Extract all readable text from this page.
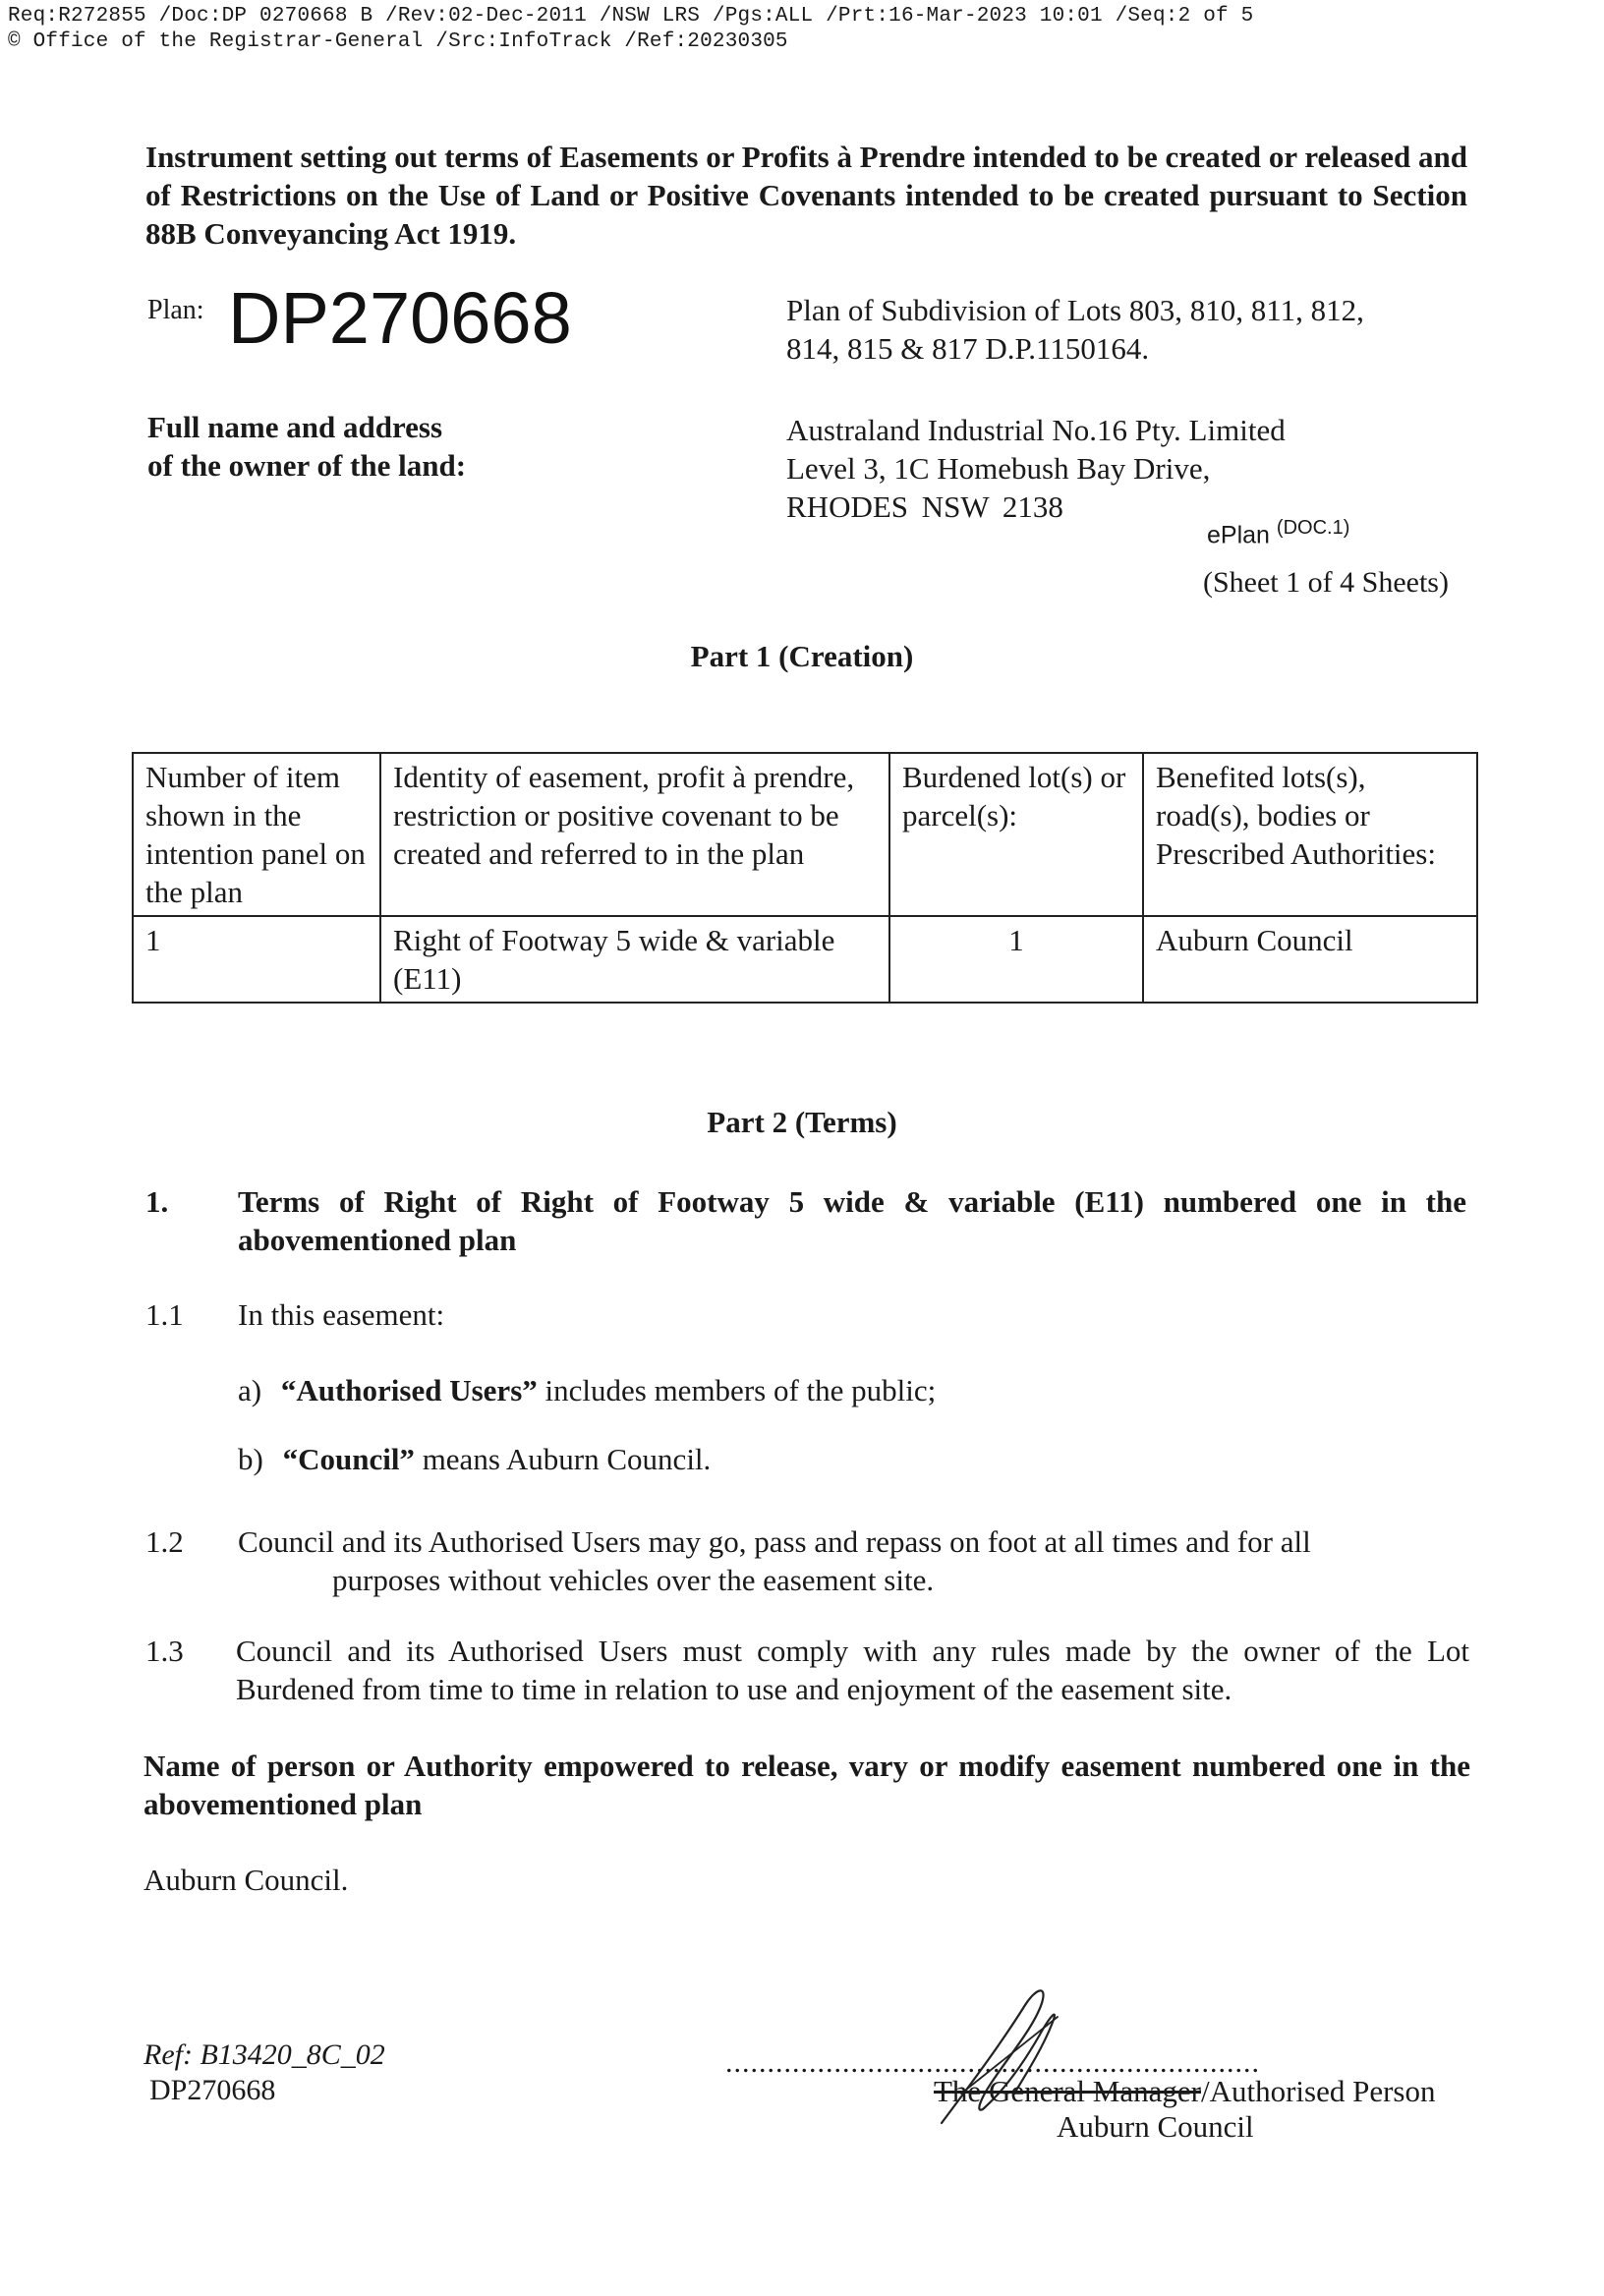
Req:R272855 /Doc:DP 0270668 B /Rev:02-Dec-2011 /NSW LRS /Pgs:ALL /Prt:16-Mar-2023 10:01 /Seq:2 of 5
© Office of the Registrar-General /Src:InfoTrack /Ref:20230305
Instrument setting out terms of Easements or Profits à Prendre intended to be created or released and of Restrictions on the Use of Land or Positive Covenants intended to be created pursuant to Section 88B Conveyancing Act 1919.
Plan: DP270668	Plan of Subdivision of Lots 803, 810, 811, 812,
814, 815 & 817 D.P.1150164.
Full name and address
of the owner of the land:
Australand Industrial No.16 Pty. Limited
Level 3, 1C Homebush Bay Drive,
RHODES NSW 2138
ePlan $^{(DOC.1)}$
(Sheet 1 of 4 Sheets)
Part 1 (Creation)
Number of item shown in the intention panel on the plan	Identity of easement, profit à prendre, restriction or positive covenant to be created and referred to in the plan	Burdened lot(s) or parcel(s):	Benefited lots(s), road(s), bodies or Prescribed Authorities:
1	Right of Footway 5 wide & variable (E11)	1	Auburn Council
Part 2 (Terms)
1. Terms of Right of Right of Footway 5 wide & variable (E11) numbered one in the abovementioned plan
1.1 In this easement:
a) “Authorised Users” includes members of the public;
b) “Council” means Auburn Council.
1.2 Council and its Authorised Users may go, pass and repass on foot at all times and for all
purposes without vehicles over the easement site.
1.3 Council and its Authorised Users must comply with any rules made by the owner of the Lot Burdened from time to time in relation to use and enjoyment of the easement site.
Name of person or Authority empowered to release, vary or modify easement numbered one in the abovementioned plan
Auburn Council.
Ref: B13420_8C_02
DP270668
................................................................
The General Manager/Authorised Person
Auburn Council
